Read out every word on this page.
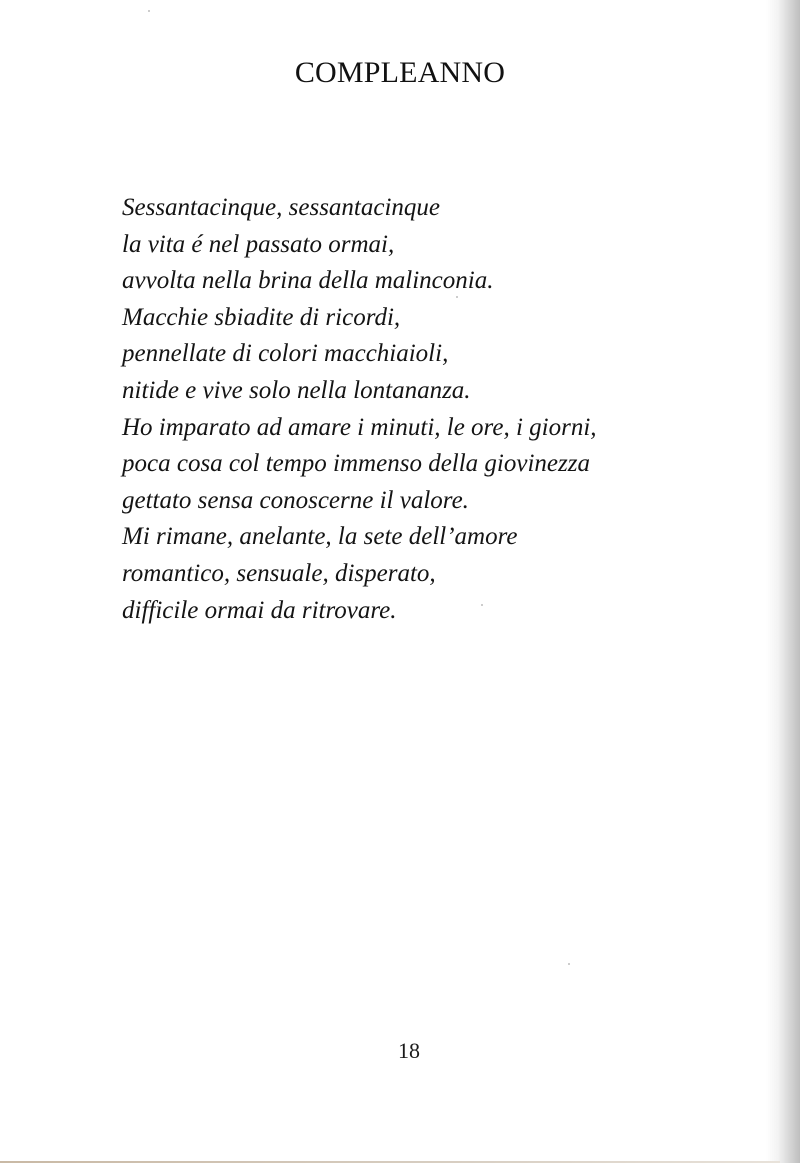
COMPLEANNO
Sessantacinque, sessantacinque
la vita é nel passato ormai,
avvolta nella brina della malinconia.
Macchie sbiadite di ricordi,
pennellate di colori macchiaioli,
nitide e vive solo nella lontananza.
Ho imparato ad amare i minuti, le ore, i giorni,
poca cosa col tempo immenso della giovinezza
gettato sensa conoscerne il valore.
Mi rimane, anelante, la sete dell’amore
romantico, sensuale, disperato,
difficile ormai da ritrovare.
18
